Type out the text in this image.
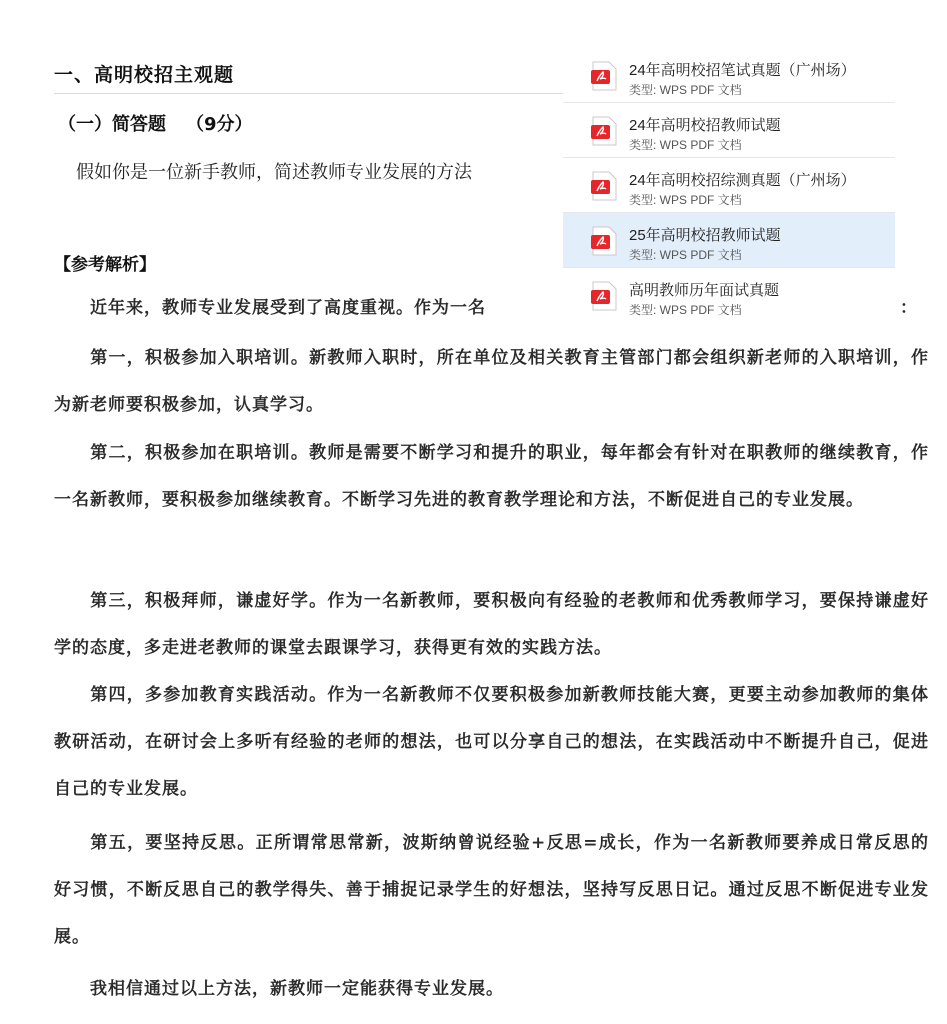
一、高明校招主观题
（一）简答题 （9分）
假如你是一位新手教师，简述教师专业发展的方法
【参考解析】
近年来，教师专业发展受到了高度重视。作为一名	：
第一，积极参加入职培训。新教师入职时，所在单位及相关教育主管部门都会组织新老师的入职培训，作为新老师要积极参加，认真学习。
第二，积极参加在职培训。教师是需要不断学习和提升的职业，每年都会有针对在职教师的继续教育，作一名新教师，要积极参加继续教育。不断学习先进的教育教学理论和方法，不断促进自己的专业发展。
第三，积极拜师，谦虚好学。作为一名新教师，要积极向有经验的老教师和优秀教师学习，要保持谦虚好学的态度，多走进老教师的课堂去跟课学习，获得更有效的实践方法。
第四，多参加教育实践活动。作为一名新教师不仅要积极参加新教师技能大赛，更要主动参加教师的集体教研活动，在研讨会上多听有经验的老师的想法，也可以分享自己的想法，在实践活动中不断提升自己，促进自己的专业发展。
第五，要坚持反思。正所谓常思常新，波斯纳曾说经验+反思=成长，作为一名新教师要养成日常反思的好习惯，不断反思自己的教学得失、善于捕捉记录学生的好想法，坚持写反思日记。通过反思不断促进专业发展。
我相信通过以上方法，新教师一定能获得专业发展。
24年高明校招笔试真题（广州场）
类型: WPS PDF 文档
24年高明校招教师试题
类型: WPS PDF 文档
24年高明校招综测真题（广州场）
类型: WPS PDF 文档
25年高明校招教师试题
类型: WPS PDF 文档
高明教师历年面试真题
类型: WPS PDF 文档
